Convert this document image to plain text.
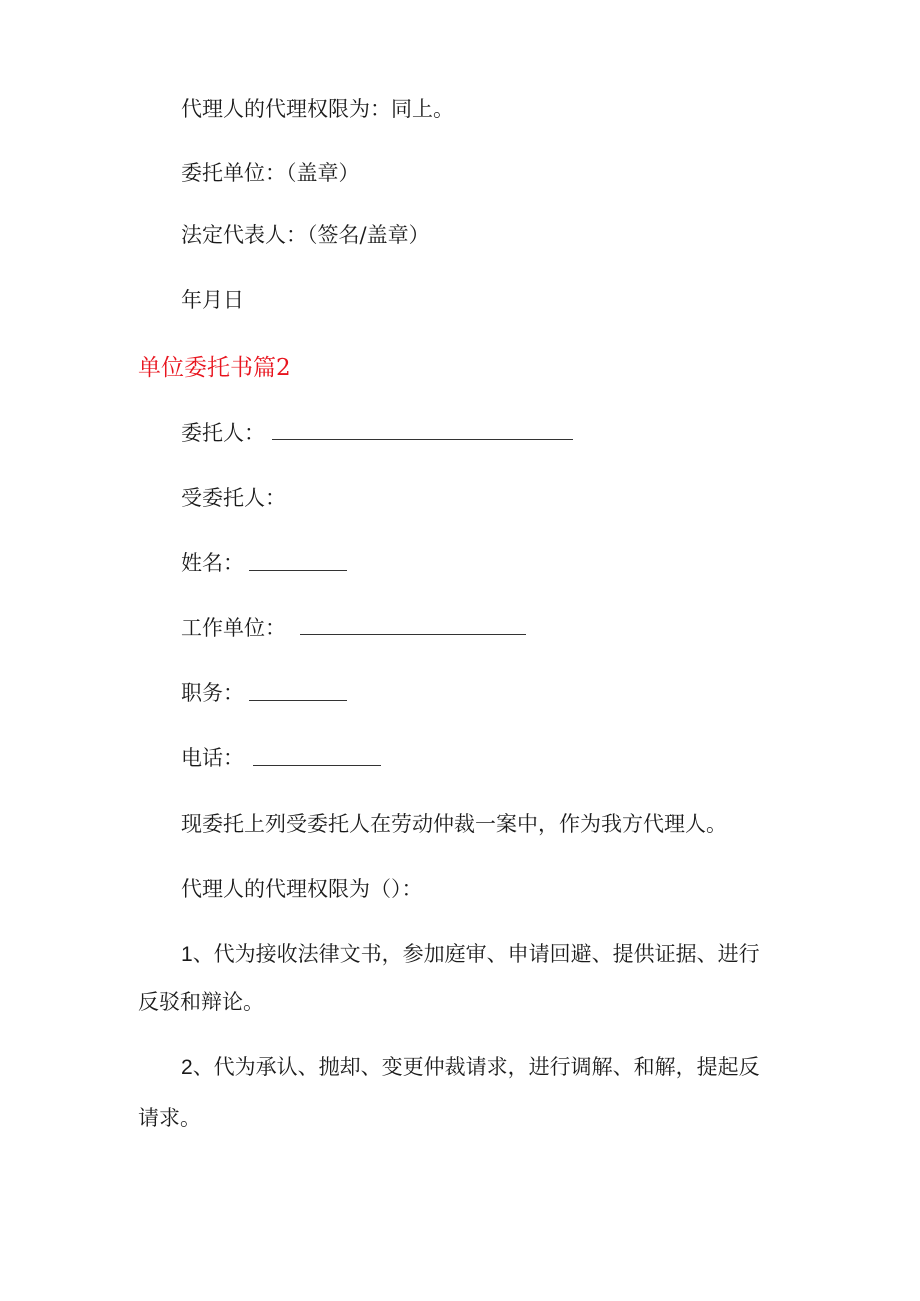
代理人的代理权限为：同上。
委托单位：（盖章）
法定代表人：（签名/盖章）
年月日
单位委托书篇2
委托人：
受委托人：
姓名：
工作单位：
职务：
电话：
现委托上列受委托人在劳动仲裁一案中，作为我方代理人。
代理人的代理权限为（）：
1、代为接收法律文书，参加庭审、申请回避、提供证据、进行
反驳和辩论。
2、代为承认、抛却、变更仲裁请求，进行调解、和解，提起反
请求。
